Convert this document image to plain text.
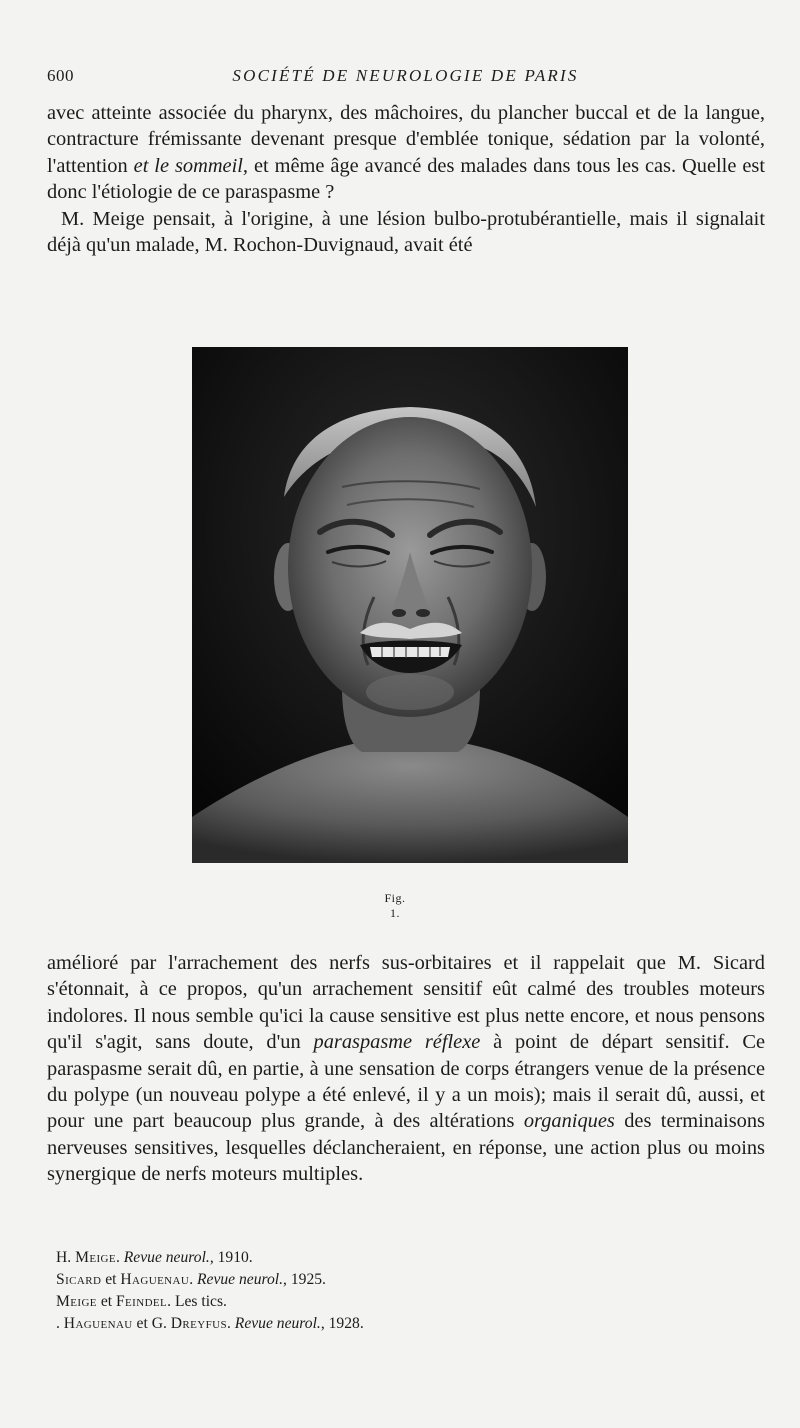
600	SOCIÉTÉ DE NEUROLOGIE DE PARIS

avec atteinte associée du pharynx, des mâchoires, du plancher buccal et de la langue, contracture frémissante devenant presque d'emblée tonique, sédation par la volonté, l'attention et le sommeil, et même âge avancé des malades dans tous les cas. Quelle est donc l'étiologie de ce paraspasme ?

M. Meige pensait, à l'origine, à une lésion bulbo-protubérantielle, mais il signalait déjà qu'un malade, M. Rochon-Duvignaud, avait été

Fig. 1.

amélioré par l'arrachement des nerfs sus-orbitaires et il rappelait que M. Sicard s'étonnait, à ce propos, qu'un arrachement sensitif eût calmé des troubles moteurs indolores. Il nous semble qu'ici la cause sensitive est plus nette encore, et nous pensons qu'il s'agit, sans doute, d'un paraspasme réflexe à point de départ sensitif. Ce paraspasme serait dû, en partie, à une sensation de corps étrangers venue de la présence du polype (un nouveau polype a été enlevé, il y a un mois); mais il serait dû, aussi, et pour une part beaucoup plus grande, à des altérations organiques des terminaisons nerveuses sensitives, lesquelles déclancheraient, en réponse, une action plus ou moins synergique de nerfs moteurs multiples.

H. Meige. Revue neurol., 1910.

Sicard et Haguenau. Revue neurol., 1925.

Meige et Feindel. Les tics.

. Haguenau et G. Dreyfus. Revue neurol., 1928.
